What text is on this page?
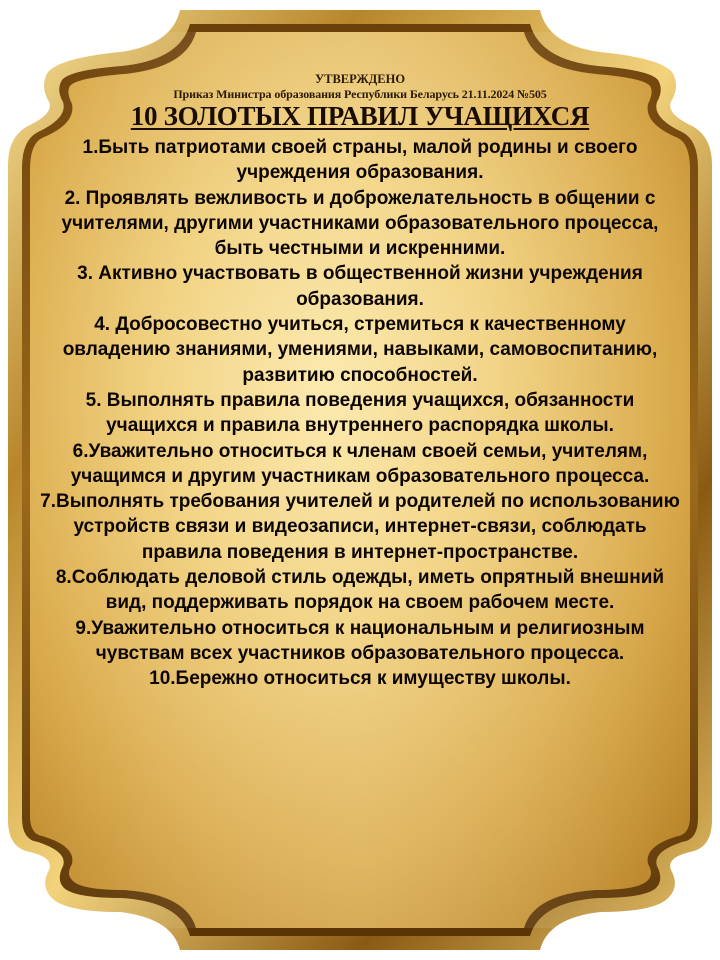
УТВЕРЖДЕНО
Приказ Министра образования Республики Беларусь 21.11.2024 №505
10 ЗОЛОТЫХ ПРАВИЛ УЧАЩИХСЯ
1.Быть патриотами своей страны, малой родины и своего учреждения образования.
2. Проявлять вежливость и доброжелательность в общении с учителями, другими участниками образовательного процесса, быть честными и искренними.
3. Активно участвовать в общественной жизни учреждения образования.
4. Добросовестно учиться, стремиться к качественному овладению знаниями, умениями, навыками, самовоспитанию, развитию способностей.
5. Выполнять правила поведения учащихся, обязанности учащихся и правила внутреннего распорядка школы.
6.Уважительно относиться к членам своей семьи, учителям, учащимся и другим участникам образовательного процесса.
7.Выполнять требования учителей и родителей по использованию устройств связи и видеозаписи, интернет-связи, соблюдать правила поведения в интернет-пространстве.
8.Соблюдать деловой стиль одежды, иметь опрятный внешний вид, поддерживать порядок на своем рабочем месте.
9.Уважительно относиться к национальным и религиозным чувствам всех участников образовательного процесса.
10.Бережно относиться к имуществу школы.
